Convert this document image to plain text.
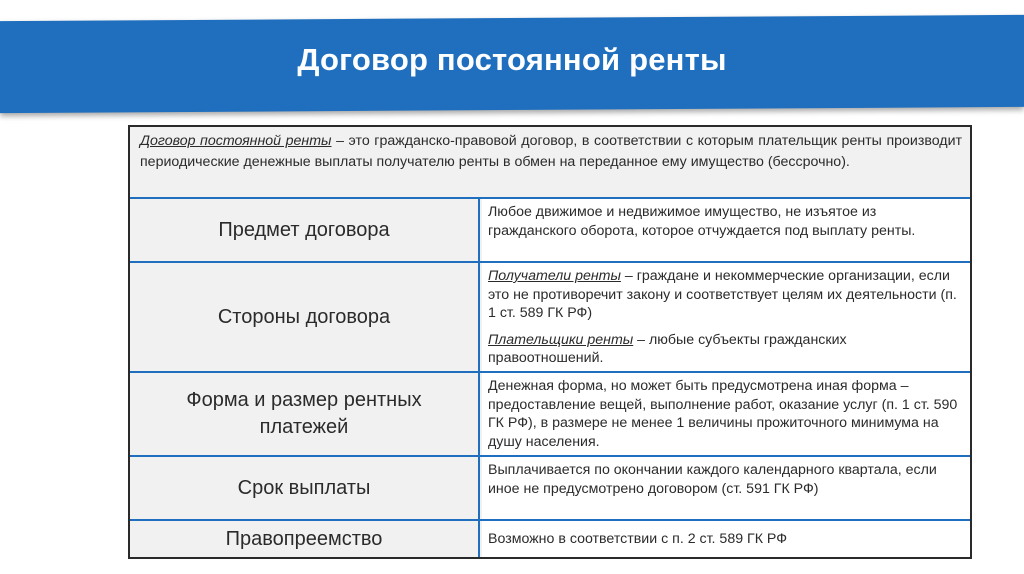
Договор постоянной ренты
Договор постоянной ренты – это гражданско-правовой договор, в соответствии с которым плательщик ренты производит периодические денежные выплаты получателю ренты в обмен на переданное ему имущество (бессрочно).
Предмет договора
Любое движимое и недвижимое имущество, не изъятое из гражданского оборота, которое отчуждается под выплату ренты.
Стороны договора
Получатели ренты – граждане и некоммерческие организации, если это не противоречит закону и соответствует целям их деятельности (п. 1 ст. 589 ГК РФ)
Плательщики ренты – любые субъекты гражданских правоотношений.
Форма и размер рентных платежей
Денежная форма, но может быть предусмотрена иная форма – предоставление вещей, выполнение работ, оказание услуг (п. 1 ст. 590 ГК РФ), в размере не менее 1 величины прожиточного минимума на душу населения.
Срок выплаты
Выплачивается по окончании каждого календарного квартала, если иное не предусмотрено договором (ст. 591 ГК РФ)
Правопреемство	Возможно в соответствии с п. 2 ст. 589 ГК РФ
